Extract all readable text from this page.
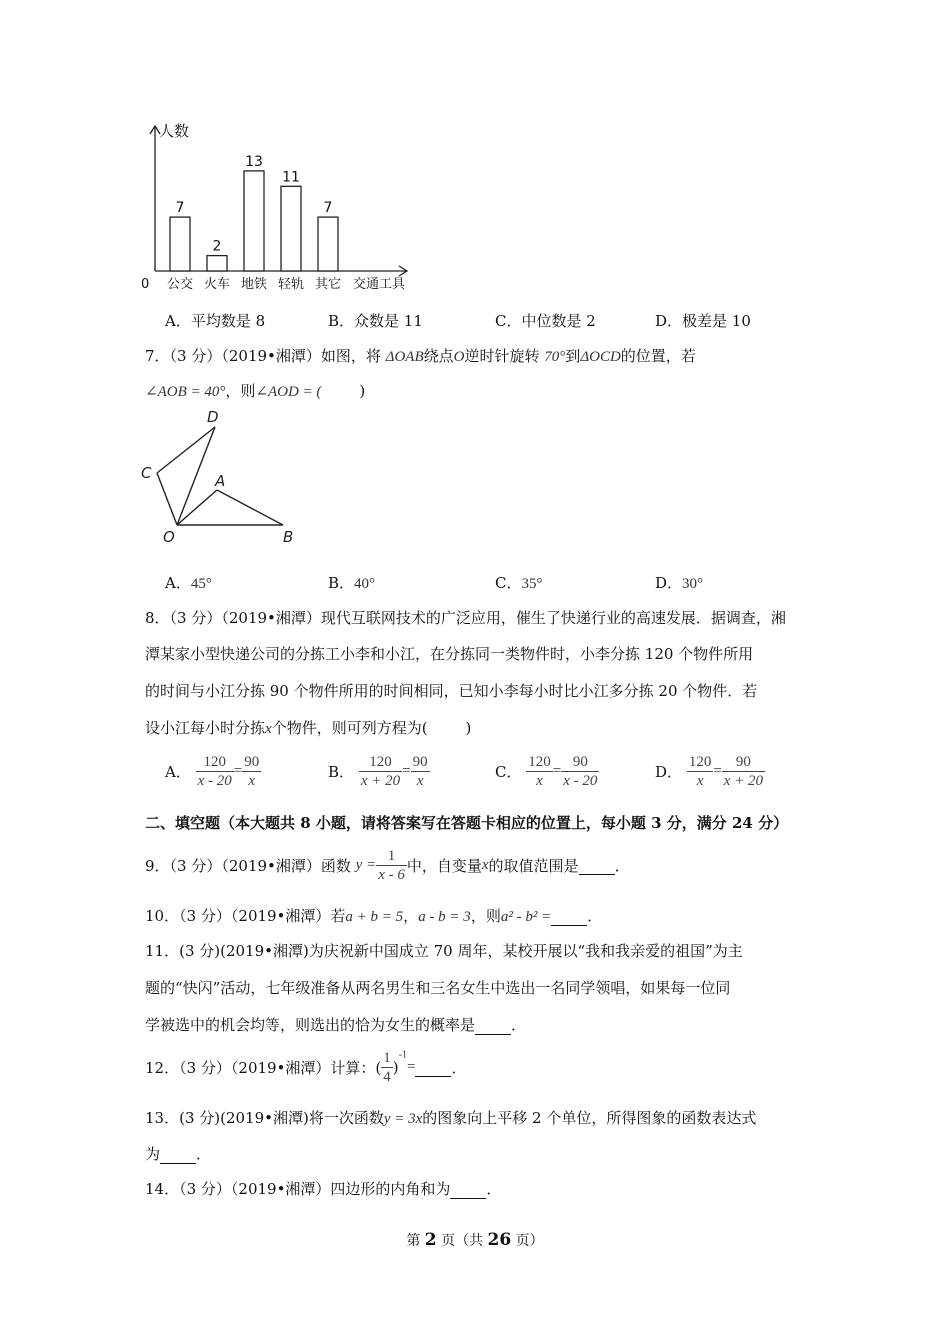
人数
交通工具
0
7
公交
2
火车
13
地铁
11
轻轨
7
其它
A．平均数是 8	B．众数是 11	C．中位数是 2	D．极差是 10
7．（3 分）（2019•湘潭）如图，将 ΔOAB绕点O逆时针旋转 70°到ΔOCD的位置，若
∠AOB = 40°，则∠AOD = (	)
D
C	A
O	B
A．45°	B．40°	C．35°	D．30°
8．（3 分）（2019•湘潭）现代互联网技术的广泛应用，催生了快递行业的高速发展．据调查，湘
潭某家小型快递公司的分拣工小李和小江，在分拣同一类物件时，小李分拣 120 个物件所用
的时间与小江分拣 90 个物件所用的时间相同，已知小李每小时比小江多分拣 20 个物件．若
设小江每小时分拣x个物件，则可列方程为(	)
A． $\frac{120}{x - 20} = \frac{90}{x}$	B． $\frac{120}{x + 20} = \frac{90}{x}$	C． $\frac{120}{x} = \frac{90}{x - 20}$	D． $\frac{120}{x} = \frac{90}{x + 20}$
二、填空题（本大题共 8 小题，请将答案写在答题卡相应的位置上，每小题 3 分，满分 24 分）
9．（3 分）（2019•湘潭）函数 $y = \frac{1}{x - 6}$ 中，自变量x的取值范围是 ．
10．（3 分）（2019•湘潭）若a + b = 5，a - b = 3，则a² - b² = ．
11．(3 分)(2019•湘潭)为庆祝新中国成立 70 周年，某校开展以“我和我亲爱的祖国”为主
题的“快闪”活动，七年级准备从两名男生和三名女生中选出一名同学领唱，如果每一位同
学被选中的机会均等，则选出的恰为女生的概率是 ．
12．（3 分）（2019•湘潭）计算：( $\frac{1}{4} )^{-1}=$ ．
13．(3 分)(2019•湘潭)将一次函数y = 3x的图象向上平移 2 个单位，所得图象的函数表达式
为 ．
14．（3 分）（2019•湘潭）四边形的内角和为 ．
第 2 页（共 26 页）
